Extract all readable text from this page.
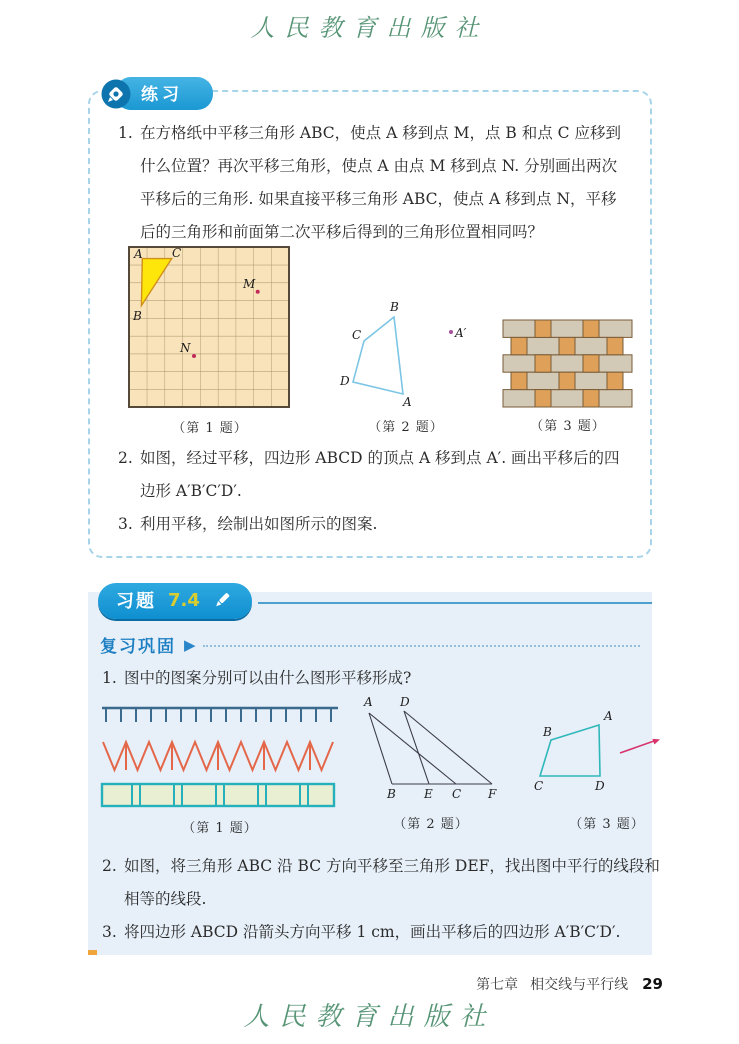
人民教育出版社
练习
1. 在方格纸中平移三角形 ABC，使点 A 移到点 M，点 B 和点 C 应移到
什么位置？再次平移三角形，使点 A 由点 M 移到点 N. 分别画出两次
平移后的三角形. 如果直接平移三角形 ABC，使点 A 移到点 N，平移
后的三角形和前面第二次平移后得到的三角形位置相同吗？
A C
B
M
N
（第 1 题）
B
C
D
A
A′
（第 2 题）	（第 3 题）
2. 如图，经过平移，四边形 ABCD 的顶点 A 移到点 A′. 画出平移后的四
边形 A′B′C′D′.
3. 利用平移，绘制出如图所示的图案.
习题 7.4
复习巩固 ▶
1. 图中的图案分别可以由什么图形平移形成?
（第 1 题）
A D
B E C F
（第 2 题）
A
B
C	D
（第 3 题）
2. 如图，将三角形 ABC 沿 BC 方向平移至三角形 DEF，找出图中平行的线段和
相等的线段.
3. 将四边形 ABCD 沿箭头方向平移 1 cm，画出平移后的四边形 A′B′C′D′.
第七章 相交线与平行线 29
人民教育出版社
